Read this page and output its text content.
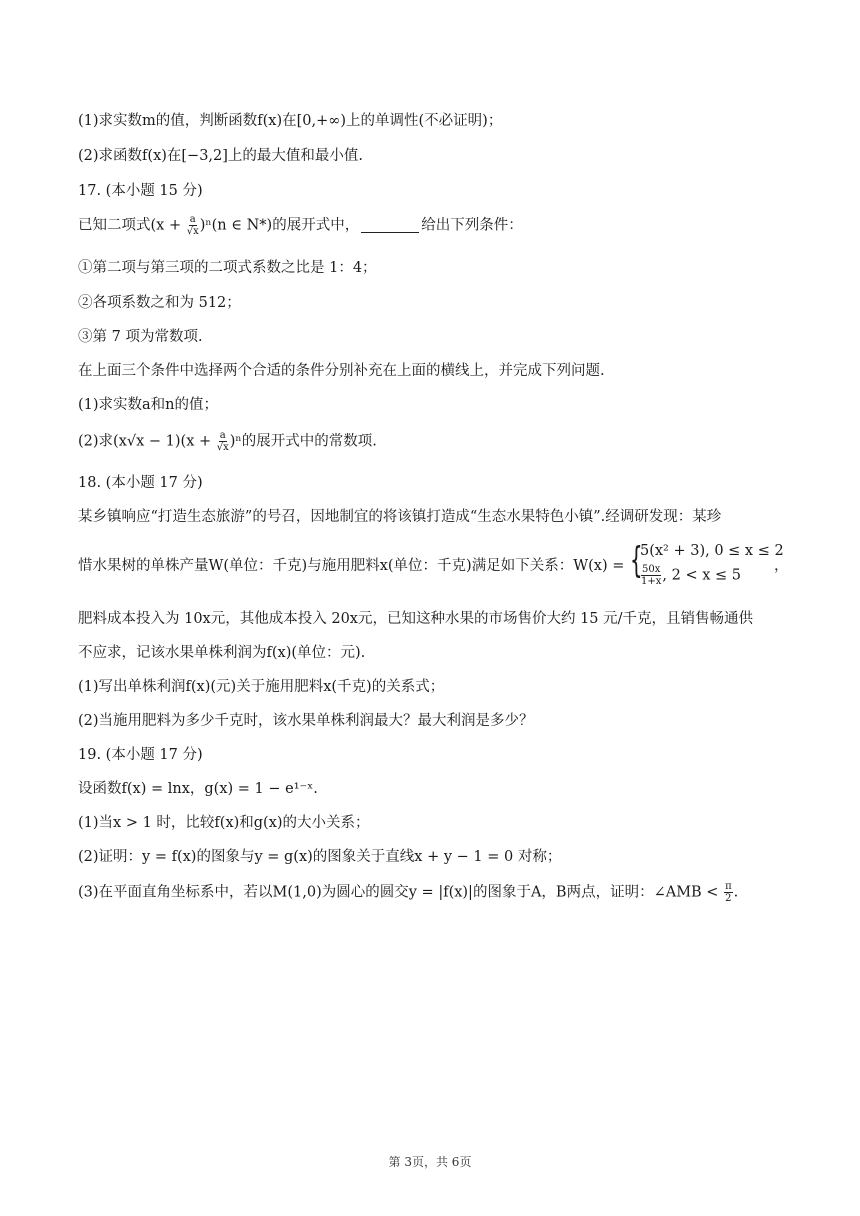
(1)求实数m的值，判断函数f(x)在[0,+∞)上的单调性(不必证明)；
(2)求函数f(x)在[−3,2]上的最大值和最小值.
17. (本小题 15 分)
已知二项式$(x + \frac{a}{√x} )^n(n$ ∈ N*)的展开式中，	给出下列条件：
①第二项与第三项的二项式系数之比是 1：4；
②各项系数之和为 512；
③第 7 项为常数项.
在上面三个条件中选择两个合适的条件分别补充在上面的横线上，并完成下列问题.
(1)求实数a和n的值；
(2)求$(x√x - 1)(x + \frac{a}{√x} )^n$的展开式中的常数项.
18. (本小题 17 分)
某乡镇响应“打造生态旅游”的号召，因地制宜的将该镇打造成“生态水果特色小镇”.经调研发现：某珍
惜水果树的单株产量W(单位：千克)与施用肥料x(单位：千克)满足如下关系：W(x) = {
5(x² + 3), 0 ≤ x ≤ 2
$\frac{50x}{1+x}$ , 2 < x ≤ 5
，
肥料成本投入为 10x元，其他成本投入 20x元，已知这种水果的市场售价大约 15 元/千克，且销售畅通供
不应求，记该水果单株利润为f(x)(单位：元).
(1)写出单株利润f(x)(元)关于施用肥料x(千克)的关系式；
(2)当施用肥料为多少千克时，该水果单株利润最大？最大利润是多少？
19. (本小题 17 分)
设函数f(x) = lnx，g(x) = 1 − e¹⁻ˣ.
(1)当x > 1 时，比较f(x)和g(x)的大小关系；
(2)证明：y = f(x)的图象与y = g(x)的图象关于直线x + y − 1 = 0 对称；
(3)在平面直角坐标系中，若以M(1,0)为圆心的圆交y = |f(x)|的图象于A，B两点，证明：∠AMB < $\frac{\pi}{2}$ .
第 3页，共 6页
